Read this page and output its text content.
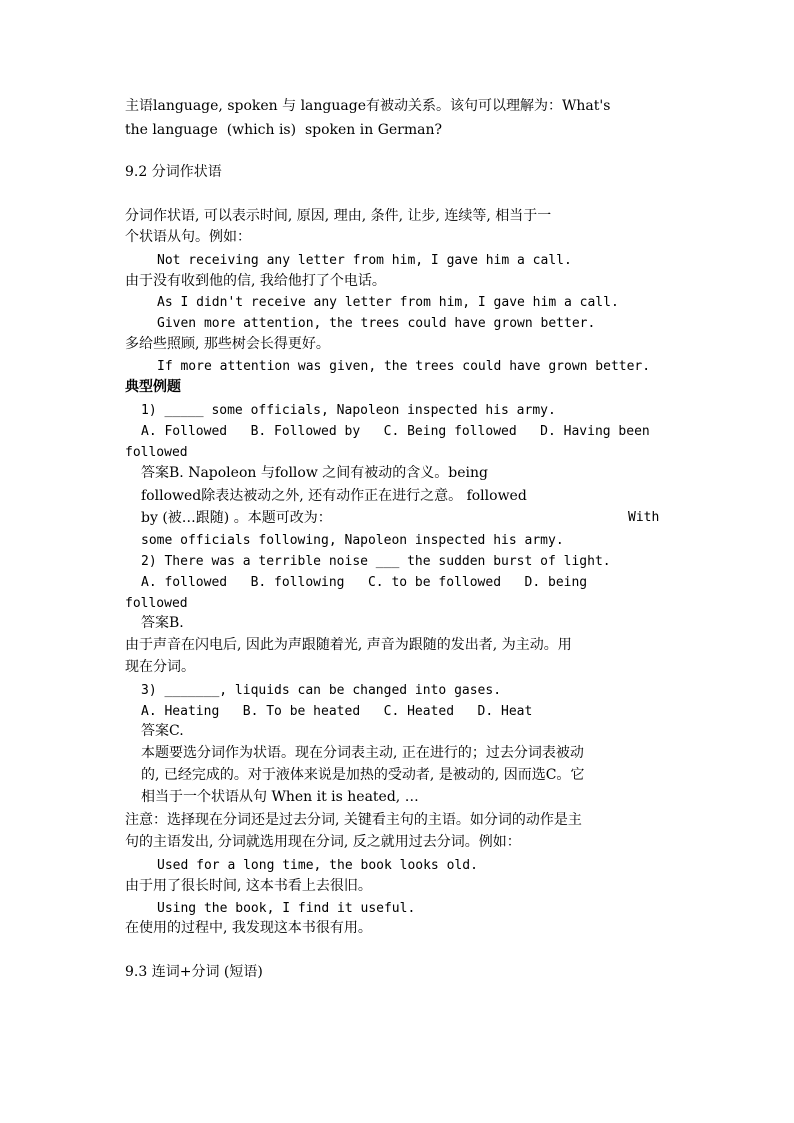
主语language, spoken 与 language有被动关系。该句可以理解为：What's
the language  (which is)  spoken in German?
9.2 分词作状语
分词作状语, 可以表示时间, 原因, 理由, 条件, 让步, 连续等, 相当于一
个状语从句。例如：
Not receiving any letter from him, I gave him a call.
由于没有收到他的信, 我给他打了个电话。
As I didn't receive any letter from him, I gave him a call.
Given more attention, the trees could have grown better.
多给些照顾, 那些树会长得更好。
If more attention was given, the trees could have grown better.
典型例题
1) _____ some officials, Napoleon inspected his army.
A. Followed   B. Followed by   C. Being followed   D. Having been
followed
答案B. Napoleon 与follow 之间有被动的含义。being
followed除表达被动之外, 还有动作正在进行之意。 followed
by (被…跟随) 。本题可改为：	With
some officials following, Napoleon inspected his army.
2) There was a terrible noise ___ the sudden burst of light.
A. followed   B. following   C. to be followed   D. being
followed
答案B.
由于声音在闪电后, 因此为声跟随着光, 声音为跟随的发出者, 为主动。用
现在分词。
3) _______, liquids can be changed into gases.
A. Heating   B. To be heated   C. Heated   D. Heat
答案C.
本题要选分词作为状语。现在分词表主动, 正在进行的；过去分词表被动
的, 已经完成的。对于液体来说是加热的受动者, 是被动的, 因而选C。它
相当于一个状语从句 When it is heated, …
注意：选择现在分词还是过去分词, 关键看主句的主语。如分词的动作是主
句的主语发出, 分词就选用现在分词, 反之就用过去分词。例如：
Used for a long time, the book looks old.
由于用了很长时间, 这本书看上去很旧。
Using the book, I find it useful.
在使用的过程中, 我发现这本书很有用。
9.3 连词+分词 (短语)
